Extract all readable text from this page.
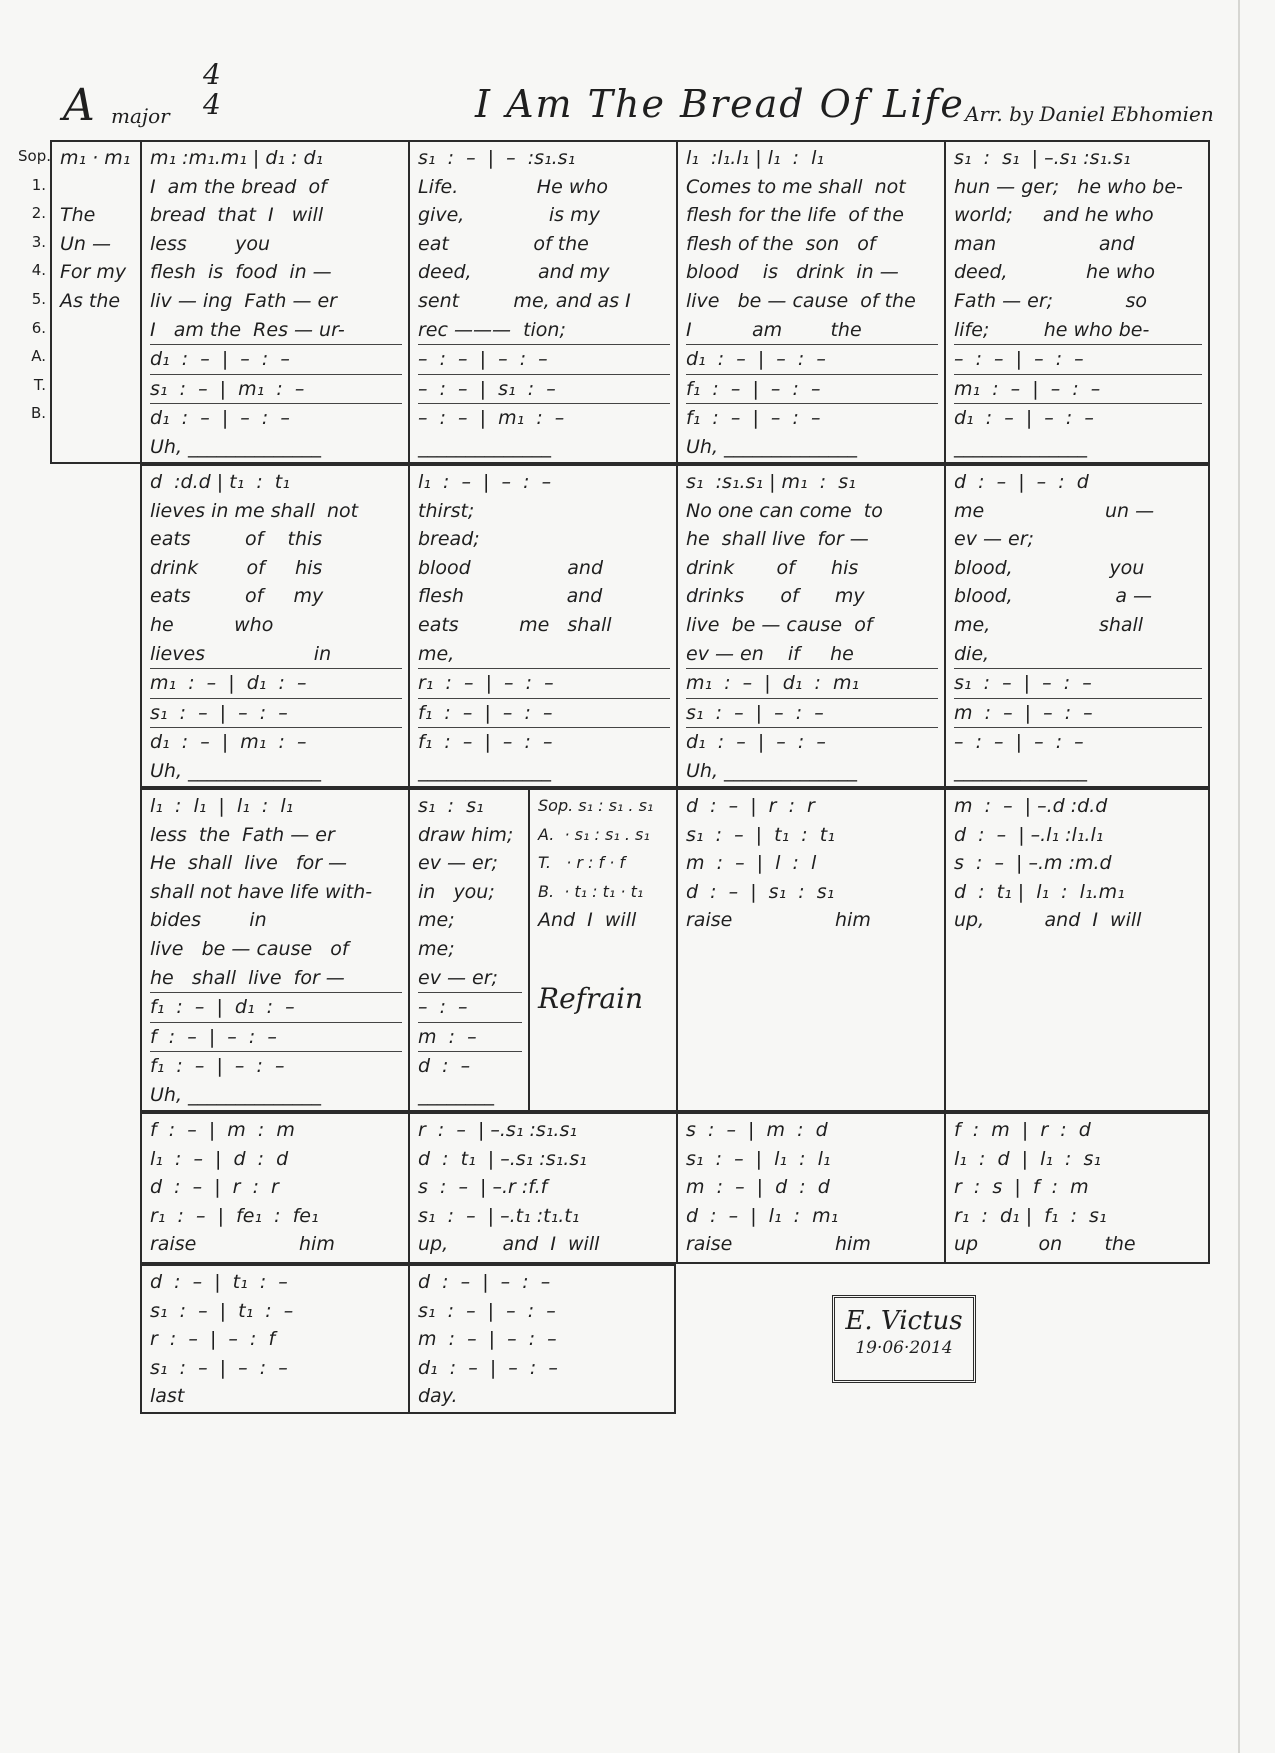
A major
4
4	I Am The Bread Of Life Arr. by Daniel Ebhomien
m₁ · m₁
The
Un —
For my
As the
m₁ :m₁.m₁ | d₁ : d₁
I  am the bread  of
bread  that  I   will
less        you
flesh  is  food  in —
liv — ing  Fath — er
I   am the  Res — ur-
d₁  :  –  |  –  :  –
s₁  :  –  |  m₁  :  –
d₁  :  –  |  –  :  –
Uh, ______________
s₁  :  –  |  –  :s₁.s₁
Life.             He who
give,              is my
eat              of the
deed,           and my
sent         me, and as I
rec ———  tion;
–  :  –  |  –  :  –
–  :  –  |  s₁  :  –
–  :  –  |  m₁  :  –
______________
l₁  :l₁.l₁ | l₁  :  l₁
Comes to me shall  not
flesh for the life  of the
flesh of the  son   of
blood    is   drink  in —
live   be — cause  of the
I          am        the
d₁  :  –  |  –  :  –
f₁  :  –  |  –  :  –
f₁  :  –  |  –  :  –
Uh, ______________
s₁  :  s₁  | –.s₁ :s₁.s₁
hun — ger;   he who be-
world;     and he who
man                 and
deed,             he who
Fath — er;            so
life;         he who be-
–  :  –  |  –  :  –
m₁  :  –  |  –  :  –
d₁  :  –  |  –  :  –
______________
Sop.
1.
2.
3.
4.
5.
6.
A.
T.
B.
d  :d.d | t₁  :  t₁
lieves in me shall  not
eats         of    this
drink        of     his
eats         of     my
he          who
lieves                  in
m₁  :  –  |  d₁  :  –
s₁  :  –  |  –  :  –
d₁  :  –  |  m₁  :  –
Uh, ______________
l₁  :  –  |  –  :  –
thirst;
bread;
blood                and
flesh                 and
eats          me   shall
me,
r₁  :  –  |  –  :  –
f₁  :  –  |  –  :  –
f₁  :  –  |  –  :  –
______________
s₁  :s₁.s₁ | m₁  :  s₁
No one can come  to
he  shall live  for —
drink       of      his
drinks      of      my
live  be — cause  of
ev — en    if     he
m₁  :  –  |  d₁  :  m₁
s₁  :  –  |  –  :  –
d₁  :  –  |  –  :  –
Uh, ______________
d  :  –  |  –  :  d
me                    un —
ev — er;
blood,                you
blood,                 a —
me,                  shall
die,
s₁  :  –  |  –  :  –
m  :  –  |  –  :  –
–  :  –  |  –  :  –
______________
l₁  :  l₁  |  l₁  :  l₁
less  the  Fath — er
He  shall  live   for —
shall not have life with-
bides        in
live   be — cause   of
he   shall  live  for —
f₁  :  –  |  d₁  :  –
f  :  –  |  –  :  –
f₁  :  –  |  –  :  –
Uh, ______________
s₁  :  s₁
draw him;
ev — er;
in   you;
me;
me;
ev — er;
–  :  –
m  :  –
d  :  –
________
Sop. s₁ : s₁ . s₁
A.  · s₁ : s₁ . s₁
T.   · r : f · f
B.  · t₁ : t₁ · t₁
And  I  will
Refrain
d  :  –  |  r  :  r
s₁  :  –  |  t₁  :  t₁
m  :  –  |  l  :  l
d  :  –  |  s₁  :  s₁
raise                 him
m  :  –  | –.d :d.d
d  :  –  | –.l₁ :l₁.l₁
s  :  –  | –.m :m.d
d  :  t₁ |  l₁  :  l₁.m₁
up,          and  I  will
f  :  –  |  m  :  m
l₁  :  –  |  d  :  d
d  :  –  |  r  :  r
r₁  :  –  |  fe₁  :  fe₁
raise                 him
r  :  –  | –.s₁ :s₁.s₁
d  :  t₁  | –.s₁ :s₁.s₁
s  :  –  | –.r :f.f
s₁  :  –  | –.t₁ :t₁.t₁
up,         and  I  will
s  :  –  |  m  :  d
s₁  :  –  |  l₁  :  l₁
m  :  –  |  d  :  d
d  :  –  |  l₁  :  m₁
raise                 him
f  :  m  |  r  :  d
l₁  :  d  |  l₁  :  s₁
r  :  s  |  f  :  m
r₁  :  d₁ |  f₁  :  s₁
up          on       the
d  :  –  |  t₁  :  –
s₁  :  –  |  t₁  :  –
r  :  –  |  –  :  f
s₁  :  –  |  –  :  –
last
d  :  –  |  –  :  –
s₁  :  –  |  –  :  –
m  :  –  |  –  :  –
d₁  :  –  |  –  :  –
day.
E. Victus
19·06·2014
